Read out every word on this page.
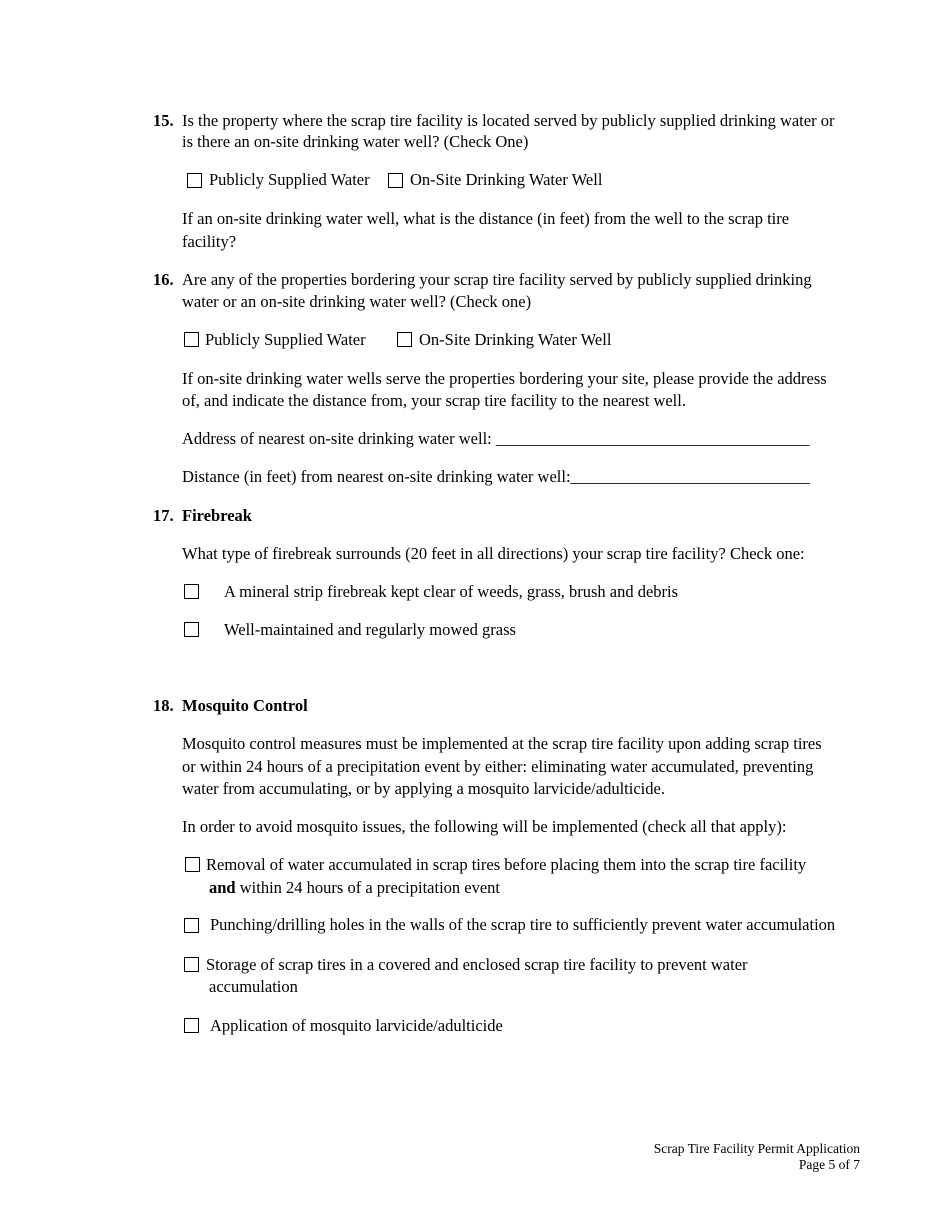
15. Is the property where the scrap tire facility is located served by publicly supplied drinking water or
is there an on-site drinking water well? (Check One)
Publicly Supplied Water On-Site Drinking Water Well
If an on-site drinking water well, what is the distance (in feet) from the well to the scrap tire
facility?
16. Are any of the properties bordering your scrap tire facility served by publicly supplied drinking
water or an on-site drinking water well? (Check one)
Publicly Supplied Water	On-Site Drinking Water Well
If on-site drinking water wells serve the properties bordering your site, please provide the address
of, and indicate the distance from, your scrap tire facility to the nearest well.
Address of nearest on-site drinking water well: ______________________________________
Distance (in feet) from nearest on-site drinking water well:_____________________________
17. Firebreak
What type of firebreak surrounds (20 feet in all directions) your scrap tire facility? Check one:
A mineral strip firebreak kept clear of weeds, grass, brush and debris
Well-maintained and regularly mowed grass
18. Mosquito Control
Mosquito control measures must be implemented at the scrap tire facility upon adding scrap tires
or within 24 hours of a precipitation event by either: eliminating water accumulated, preventing
water from accumulating, or by applying a mosquito larvicide/adulticide.
In order to avoid mosquito issues, the following will be implemented (check all that apply):
Removal of water accumulated in scrap tires before placing them into the scrap tire facility
and within 24 hours of a precipitation event
Punching/drilling holes in the walls of the scrap tire to sufficiently prevent water accumulation
Storage of scrap tires in a covered and enclosed scrap tire facility to prevent water
accumulation
Application of mosquito larvicide/adulticide
Scrap Tire Facility Permit Application
Page 5 of 7
